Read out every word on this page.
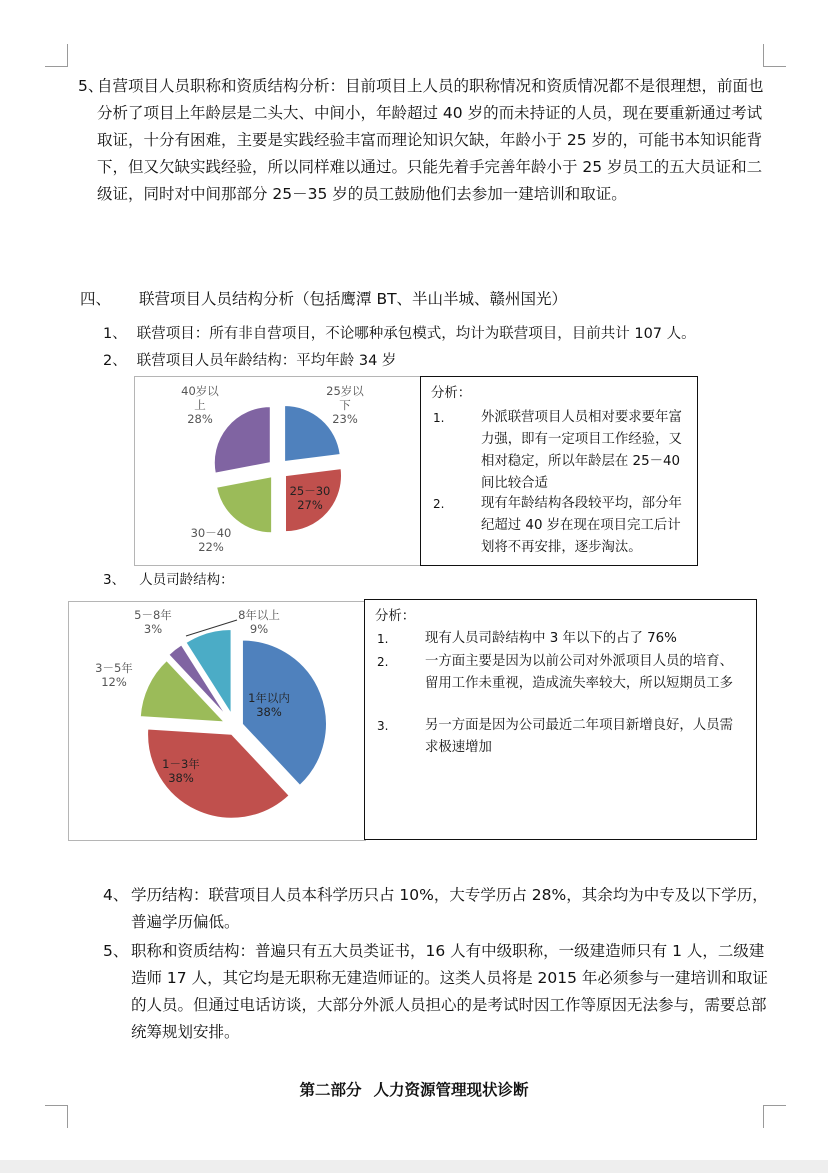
5、
自营项目人员职称和资质结构分析：目前项目上人员的职称情况和资质情况都不是很理想，前面也分析了项目上年龄层是二头大、中间小，年龄超过 40 岁的而未持证的人员，现在要重新通过考试取证，十分有困难，主要是实践经验丰富而理论知识欠缺，年龄小于 25 岁的，可能书本知识能背下，但又欠缺实践经验，所以同样难以通过。只能先着手完善年龄小于 25 岁员工的五大员证和二级证，同时对中间那部分 25－35 岁的员工鼓励他们去参加一建培训和取证。
四、 联营项目人员结构分析（包括鹰潭 BT、半山半城、赣州国光）
1、 联营项目：所有非自营项目，不论哪种承包模式，均计为联营项目，目前共计 107 人。
2、 联营项目人员年龄结构：平均年龄 34 岁
25岁以下 23%
25－30 27%
30－40 22%
40岁以上 28%
分析：
1.	外派联营项目人员相对要求要年富力强，即有一定项目工作经验，又相对稳定，所以年龄层在 25－40 间比较合适
2.	现有年龄结构各段较平均，部分年纪超过 40 岁在现在项目完工后计划将不再安排，逐步淘汰。
3、 人员司龄结构：
1年以内 38%
1－3年 38%
3－5年 12%
5－8年 3%
8年以上 9%
分析：
1.	现有人员司龄结构中 3 年以下的占了 76%
2.	一方面主要是因为以前公司对外派项目人员的培育、留用工作未重视，造成流失率较大，所以短期员工多
3.	另一方面是因为公司最近二年项目新增良好，人员需求极速增加
4、 学历结构：联营项目人员本科学历只占 10%，大专学历占 28%，其余均为中专及以下学历，普遍学历偏低。
5、 职称和资质结构：普遍只有五大员类证书，16 人有中级职称，一级建造师只有 1 人，二级建造师 17 人，其它均是无职称无建造师证的。这类人员将是 2015 年必须参与一建培训和取证的人员。但通过电话访谈，大部分外派人员担心的是考试时因工作等原因无法参与，需要总部统筹规划安排。
第二部分 人力资源管理现状诊断
